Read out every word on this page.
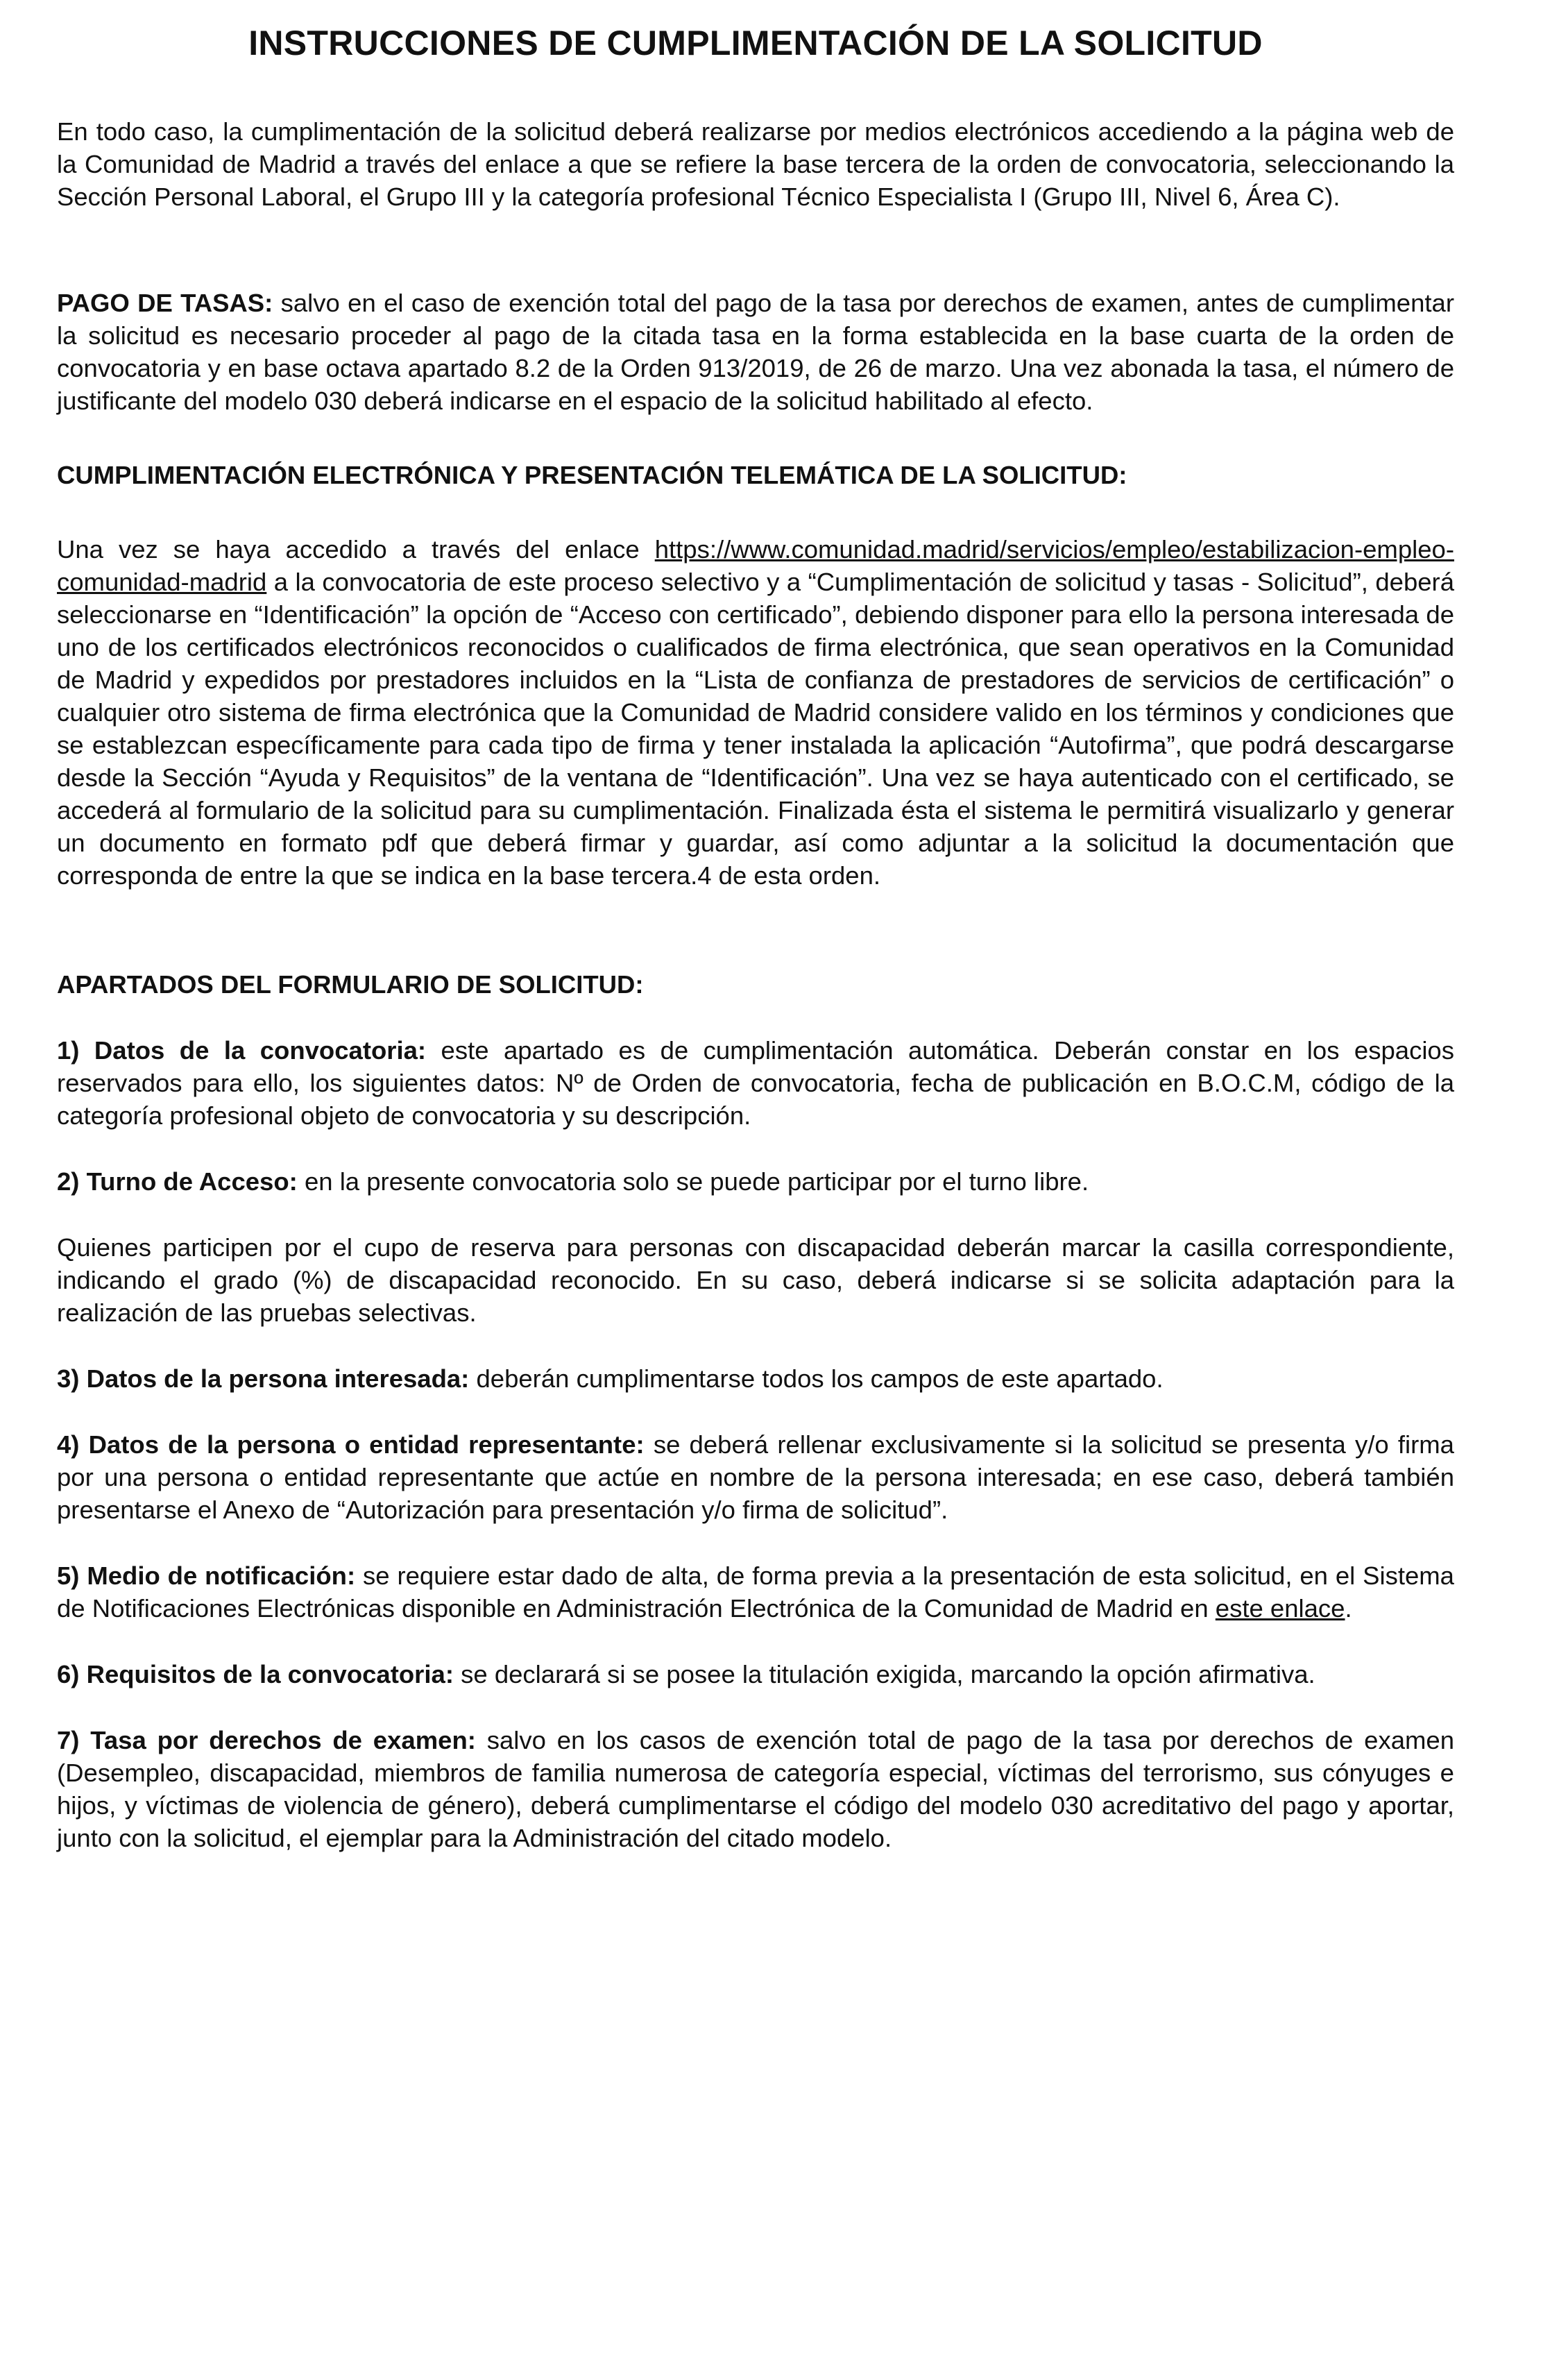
INSTRUCCIONES DE CUMPLIMENTACIÓN DE LA SOLICITUD

En todo caso, la cumplimentación de la solicitud deberá realizarse por medios electrónicos accediendo a la página web de la Comunidad de Madrid a través del enlace a que se refiere la base tercera de la orden de convocatoria, seleccionando la Sección Personal Laboral, el Grupo III y la categoría profesional Técnico Especialista I (Grupo III, Nivel 6, Área C).

PAGO DE TASAS: salvo en el caso de exención total del pago de la tasa por derechos de examen, antes de cumplimentar la solicitud es necesario proceder al pago de la citada tasa en la forma establecida en la base cuarta de la orden de convocatoria y en base octava apartado 8.2 de la Orden 913/2019, de 26 de marzo. Una vez abonada la tasa, el número de justificante del modelo 030 deberá indicarse en el espacio de la solicitud habilitado al efecto.

CUMPLIMENTACIÓN ELECTRÓNICA Y PRESENTACIÓN TELEMÁTICA DE LA SOLICITUD:

Una vez se haya accedido a través del enlace https://www.comunidad.madrid/servicios/empleo/estabilizacion-empleo-comunidad-madrid a la convocatoria de este proceso selectivo y a “Cumplimentación de solicitud y tasas - Solicitud”, deberá seleccionarse en “Identificación” la opción de “Acceso con certificado”, debiendo disponer para ello la persona interesada de uno de los certificados electrónicos reconocidos o cualificados de firma electrónica, que sean operativos en la Comunidad de Madrid y expedidos por prestadores incluidos en la “Lista de confianza de prestadores de servicios de certificación” o cualquier otro sistema de firma electrónica que la Comunidad de Madrid considere valido en los términos y condiciones que se establezcan específicamente para cada tipo de firma y tener instalada la aplicación “Autofirma”, que podrá descargarse desde la Sección “Ayuda y Requisitos” de la ventana de “Identificación”. Una vez se haya autenticado con el certificado, se accederá al formulario de la solicitud para su cumplimentación. Finalizada ésta el sistema le permitirá visualizarlo y generar un documento en formato pdf que deberá firmar y guardar, así como adjuntar a la solicitud la documentación que corresponda de entre la que se indica en la base tercera.4 de esta orden.

APARTADOS DEL FORMULARIO DE SOLICITUD:

1) Datos de la convocatoria: este apartado es de cumplimentación automática. Deberán constar en los espacios reservados para ello, los siguientes datos: Nº de Orden de convocatoria, fecha de publicación en B.O.C.M, código de la categoría profesional objeto de convocatoria y su descripción.

2) Turno de Acceso: en la presente convocatoria solo se puede participar por el turno libre.

Quienes participen por el cupo de reserva para personas con discapacidad deberán marcar la casilla correspondiente, indicando el grado (%) de discapacidad reconocido. En su caso, deberá indicarse si se solicita adaptación para la realización de las pruebas selectivas.

3) Datos de la persona interesada: deberán cumplimentarse todos los campos de este apartado.

4) Datos de la persona o entidad representante: se deberá rellenar exclusivamente si la solicitud se presenta y/o firma por una persona o entidad representante que actúe en nombre de la persona interesada; en ese caso, deberá también presentarse el Anexo de “Autorización para presentación y/o firma de solicitud”.

5) Medio de notificación: se requiere estar dado de alta, de forma previa a la presentación de esta solicitud, en el Sistema de Notificaciones Electrónicas disponible en Administración Electrónica de la Comunidad de Madrid en este enlace.

6) Requisitos de la convocatoria: se declarará si se posee la titulación exigida, marcando la opción afirmativa.

7) Tasa por derechos de examen: salvo en los casos de exención total de pago de la tasa por derechos de examen (Desempleo, discapacidad, miembros de familia numerosa de categoría especial, víctimas del terrorismo, sus cónyuges e hijos, y víctimas de violencia de género), deberá cumplimentarse el código del modelo 030 acreditativo del pago y aportar, junto con la solicitud, el ejemplar para la Administración del citado modelo.
